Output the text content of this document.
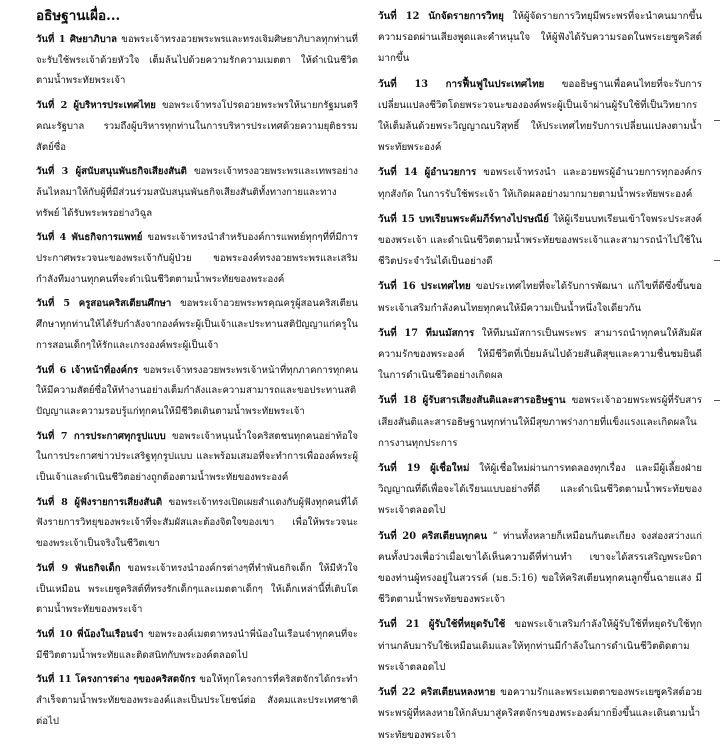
อธิษฐานเผื่อ...

วันที่ 1 ศิษยาภิบาล ขอพระเจ้าทรงอวยพระพรและทรงเจิมศิษยาภิบาลทุกท่านที่จะรับใช้พระเจ้าด้วยหัวใจ เต็มล้นไปด้วยความรักความเมตตา ให้ดำเนินชีวิตตามน้ำพระทัยพระเจ้า

วันที่ 2 ผู้บริหารประเทศไทย ขอพระเจ้าทรงโปรดอวยพระพรให้นายกรัฐมนตรีคณะรัฐบาล รวมถึงผู้บริหารทุกท่านในการบริหารประเทศด้วยความยุติธรรมสัตย์ซื่อ

วันที่ 3 ผู้สนับสนุนพันธกิจเสียงสันติ ขอพระเจ้าทรงอวยพระพรและเทพรอย่างล้นไหลมาให้กับผู้ที่มีส่วนร่วมสนับสนุนพันธกิจเสียงสันติทั้งทางกายและทางทรัพย์ ได้รับพระพรอย่างวิฉูล

วันที่ 4 พันธกิจการแพทย์ ขอพระเจ้าทรงนำสำหรับองค์การแพทย์ทุกๆที่ที่มีการประกาศพระวจนะของพระเจ้ากับผู้ป่วย ขอพระองค์ทรงอวยพระพรและเสริมกำลังทีมงานทุกคนที่จะดำเนินชีวิตตามน้ำพระทัยของพระองค์

วันที่ 5 ครูสอนคริสเตียนศึกษา ขอพระเจ้าอวยพระพรคุณครูผู้สอนคริสเตียนศึกษาทุกท่านให้ได้รับกำลังจากองค์พระผู้เป็นเจ้าและประทานสติปัญญาแก่ครูในการสอนเด็กๆให้รักและเกรงองค์พระผู้เป็นเจ้า

วันที่ 6 เจ้าหน้าที่องค์กร ขอพระเจ้าทรงอวยพระพรเจ้าหน้าที่ทุกภาคการทุกคนให้มีความสัตย์ซื่อให้ทำงานอย่างเต็มกำลังและความสามารถและขอประทานสติปัญญาและความรอบรู้แก่ทุกคนให้มีชีวิตเดินตามน้ำพระทัยพระเจ้า

วันที่ 7 การประกาศทุกรูปแบบ ขอพระเจ้าหนุนน้ำใจคริสตชนทุกคนอย่าท้อใจในการประกาศข่าวประเสริฐทุกรูปแบบ และพร้อมเสมอที่จะทำการเพื่อองค์พระผู้เป็นเจ้าและดำเนินชีวิตอย่างถูกต้องตามน้ำพระทัยของพระองค์

วันที่ 8 ผู้ฟังรายการเสียงสันติ ขอพระเจ้าทรงเปิดเผยสำแดงกับผู้ฟังทุกคนที่ได้ฟังรายการวิทยุของพระเจ้าที่จะสัมผัสและต้องจิตใจของเขา เพื่อให้พระวจนะของพระเจ้าเป็นจริงในชีวิตเขา

วันที่ 9 พันธกิจเด็ก ขอพระเจ้าทรงนำองค์กรต่างๆที่ทำพันธกิจเด็ก ให้มีหัวใจเป็นเหมือน พระเยซูคริสต์ที่ทรงรักเด็กๆและเมตตาเด็กๆ ให้เด็กเหล่านี้ที่เติบโตตามน้ำพระทัยของพระเจ้า

วันที่ 10 พี่น้องในเรือนจำ ขอพระองค์เมตตาทรงนำพี่น้องในเรือนจำทุกคนที่จะมีชีวิตตามน้ำพระทัยและติดสนิทกับพระองค์ตลอดไป

วันที่ 11 โครงการต่าง ๆของคริสตจักร ขอให้ทุกโครงการที่คริสตจักรได้กระทำสำเร็จตามน้ำพระทัยของพระองค์และเป็นประโยชน์ต่อ สังคมและประเทศชาติต่อไป

วันที่ 12 นักจัดรายการวิทยุ ให้ผู้จัดรายการวิทยุมีพระพรที่จะนำคนมากขึ้นความรอดผ่านเสียงพูดและคำหนุนใจ ให้ผู้ฟังได้รับความรอดในพระเยซูคริสต์มากขึ้น

วันที่ 13 การฟื้นฟูในประเทศไทย ขออธิษฐานเพื่อคนไทยที่จะรับการเปลี่ยนแปลงชีวิตโดยพระวจนะขององค์พระผู้เป็นเจ้าผ่านผู้รับใช้ที่เป็นวิทยากรให้เต็มล้นด้วยพระวิญญาณบริสุทธิ์ ให้ประเทศไทยรับการเปลี่ยนแปลงตามน้ำพระทัยพระองค์

วันที่ 14 ผู้อำนวยการ ขอพระเจ้าทรงนำ และอวยพรผู้อำนวยการทุกองค์กร ทุกสังกัด ในการรับใช้พระเจ้า ให้เกิดผลอย่างมากมายตามน้ำพระทัยพระองค์

วันที่ 15 บทเรียนพระคัมภีร์ทางไปรษณีย์ ให้ผู้เรียนบทเรียนเข้าใจพระประสงค์ของพระเจ้า และดำเนินชีวิตตามน้ำพระทัยของพระเจ้าและสามารถนำไปใช้ในชีวิตประจำวันได้เป็นอย่างดี

วันที่ 16 ประเทศไทย ขอประเทศไทยที่จะได้รับการพัฒนา แก้ไขที่ดีซึ่งขึ้นขอพระเจ้าเสริมกำลังคนไทยทุกคนให้มีความเป็นน้ำหนึ่งใจเดียวกัน

วันที่ 17 ทีมนมัสการ ให้ทีมนมัสการเป็นพระพร สามารถนำทุกคนให้สัมผัสความรักของพระองค์ ให้มีชีวิตที่เปี่ยมล้นไปด้วยสันติสุขและความชื่นชมยินดีในการดำเนินชีวิตอย่างเกิดผล

วันที่ 18 ผู้รับสารเสียงสันติและสารอธิษฐาน ขอพระเจ้าอวยพระพรผู้ที่รับสารเสียงสันติและสารอธิษฐานทุกท่านให้มีสุขภาพร่างกายที่แข็งแรงและเกิดผลในการงานทุกประการ

วันที่ 19 ผู้เชื่อใหม่ ให้ผู้เชื่อใหม่ผ่านการทดลองทุกเรื่อง และมีผู้เลี้ยงฝ่ายวิญญาณที่ดีเพื่อจะได้เรียนแบบอย่างที่ดี และดำเนินชีวิตตามน้ำพระทัยของพระเจ้าตลอดไป

วันที่ 20 คริสเตียนทุกคน “ ท่านทั้งหลายก็เหมือนกันตะเกียง จงส่องสว่างแก่คนทั้งปวงเพื่อว่าเมื่อเขาได้เห็นความดีที่ท่านทำ เขาจะได้สรรเสริญพระบิดาของท่านผู้ทรงอยู่ในสวรรค์ (มธ.5:16) ขอให้คริสเตียนทุกคนลูกขึ้นฉายแสง มีชีวิตตามน้ำพระทัยของพระเจ้า

วันที่ 21 ผู้รับใช้ที่หยุดรับใช้ ขอพระเจ้าเสริมกำลังให้ผู้รับใช้ที่หยุดรับใช้ทุกท่านกลับมารับใช้เหมือนเดิมและให้ทุกท่านมีกำลังในการดำเนินชีวิตติดตามพระเจ้าตลอดไป

วันที่ 22 คริสเตียนหลงหาย ขอความรักและพระเมตตาของพระเยซูคริสต์อวยพระพรผู้ที่หลงหายให้กลับมาสู่คริสตจักรของพระองค์มากยิ่งขึ้นและเดินตามน้ำพระทัยของพระเจ้า
